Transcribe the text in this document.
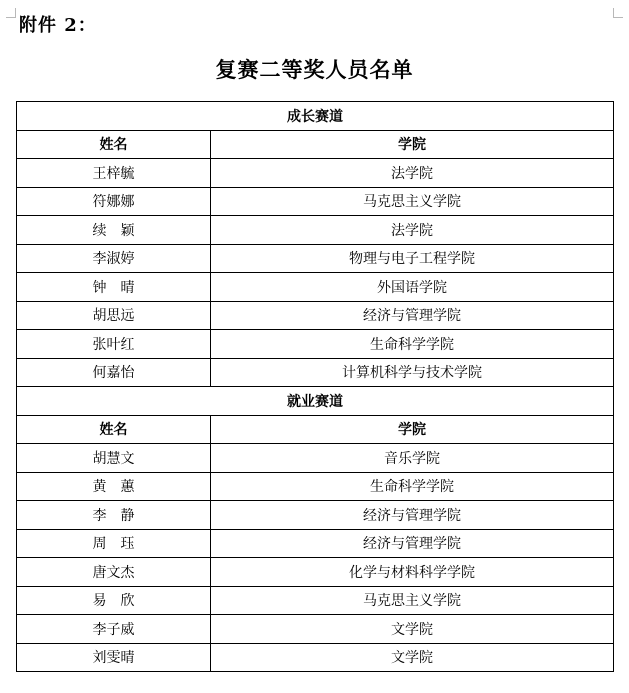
附件 2：
复赛二等奖人员名单
成长赛道	
姓名	学院
王梓毓	法学院
符娜娜	马克思主义学院
续　颖	法学院
李淑婷	物理与电子工程学院
钟　晴	外国语学院
胡思远	经济与管理学院
张叶红	生命科学学院
何嘉怡	计算机科学与技术学院
就业赛道	
姓名	学院
胡慧文	音乐学院
黄　蕙	生命科学学院
李　静	经济与管理学院
周　珏	经济与管理学院
唐文杰	化学与材料科学学院
易　欣	马克思主义学院
李子威	文学院
刘雯晴	文学院
